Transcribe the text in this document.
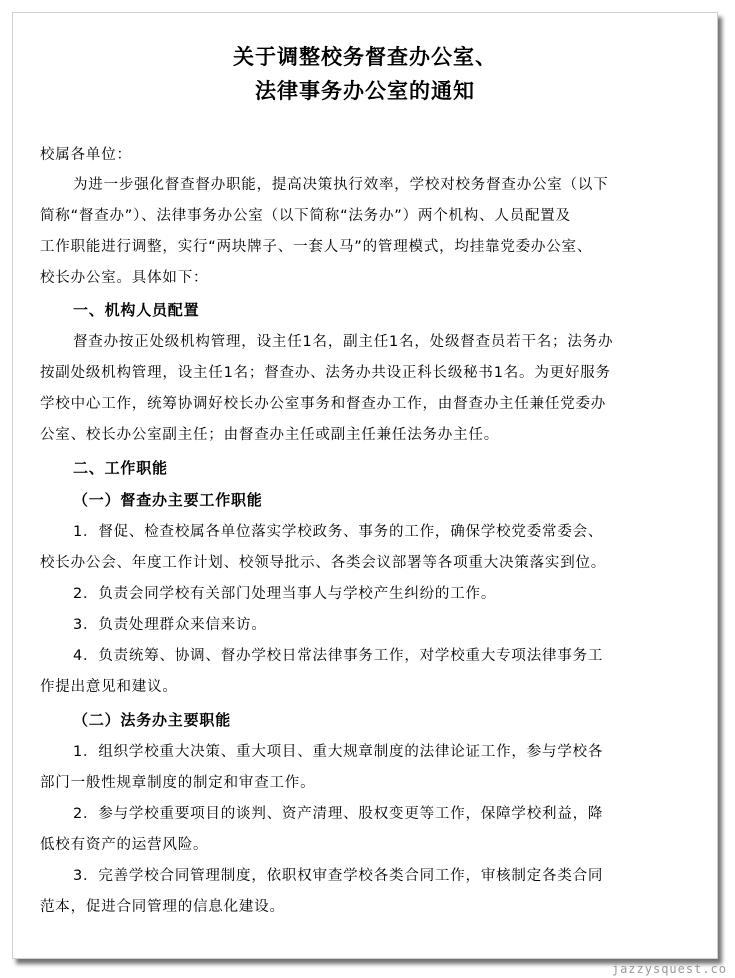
关于调整校务督查办公室、
法律事务办公室的通知
校属各单位：
为进一步强化督查督办职能，提高决策执行效率，学校对校务督查办公室（以下
简称“督查办”）、法律事务办公室（以下简称“法务办”）两个机构、人员配置及
工作职能进行调整，实行“两块牌子、一套人马”的管理模式，均挂靠党委办公室、
校长办公室。具体如下：
一、机构人员配置
督查办按正处级机构管理，设主任1名，副主任1名，处级督查员若干名；法务办
按副处级机构管理，设主任1名；督查办、法务办共设正科长级秘书1名。为更好服务
学校中心工作，统筹协调好校长办公室事务和督查办工作，由督查办主任兼任党委办
公室、校长办公室副主任；由督查办主任或副主任兼任法务办主任。
二、工作职能
（一）督查办主要工作职能
1．督促、检查校属各单位落实学校政务、事务的工作，确保学校党委常委会、
校长办公会、年度工作计划、校领导批示、各类会议部署等各项重大决策落实到位。
2．负责会同学校有关部门处理当事人与学校产生纠纷的工作。
3．负责处理群众来信来访。
4．负责统筹、协调、督办学校日常法律事务工作，对学校重大专项法律事务工
作提出意见和建议。
（二）法务办主要职能
1．组织学校重大决策、重大项目、重大规章制度的法律论证工作，参与学校各
部门一般性规章制度的制定和审查工作。
2．参与学校重要项目的谈判、资产清理、股权变更等工作，保障学校利益，降
低校有资产的运营风险。
3．完善学校合同管理制度，依职权审查学校各类合同工作，审核制定各类合同
范本，促进合同管理的信息化建设。
jazzysquest.co
